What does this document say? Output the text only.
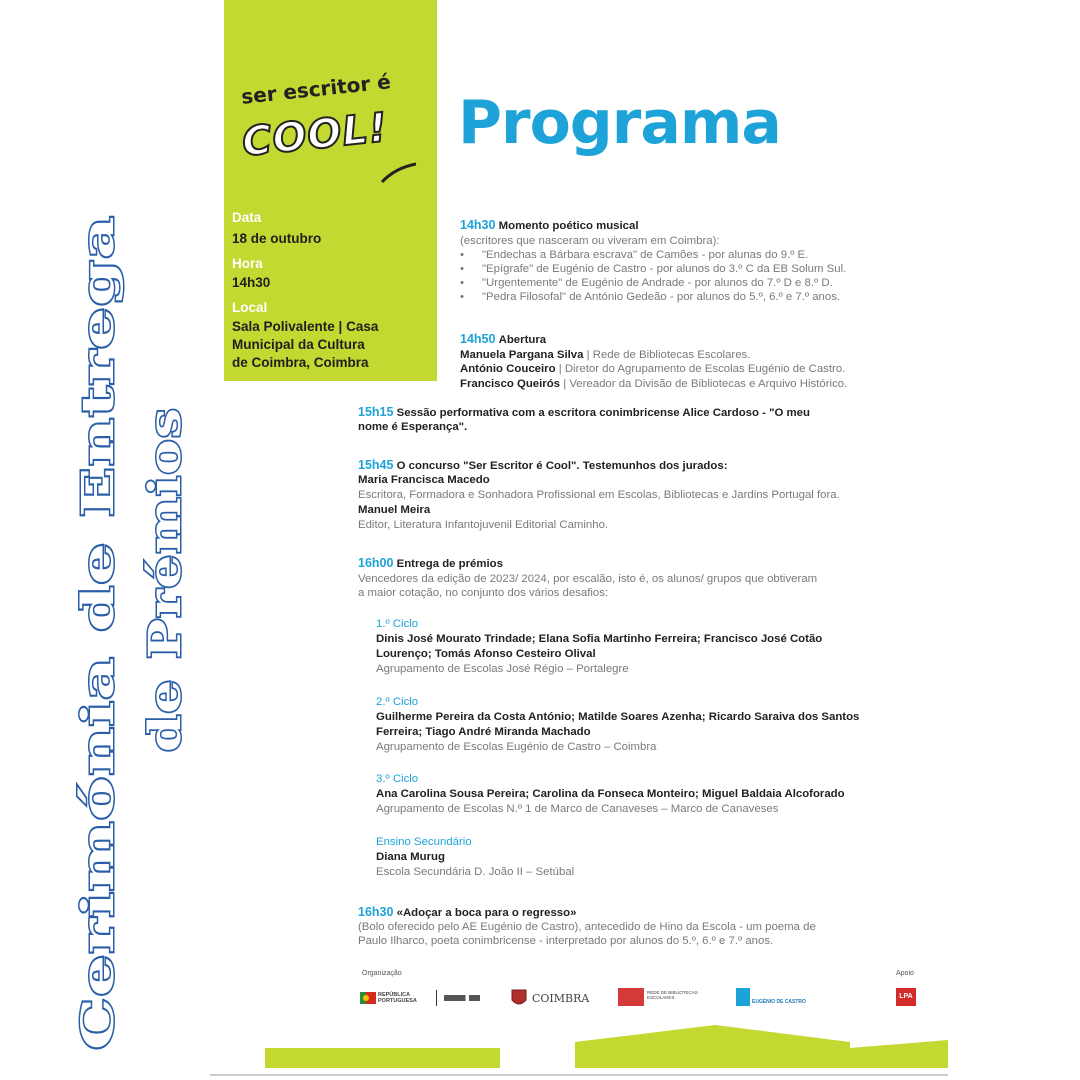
Cerimónia de Entrega de Prémios
ser escritor é
COOL!
Data
18 de outubro
Hora
14h30
Local
Sala Polivalente | Casa
Municipal da Cultura
de Coimbra, Coimbra
Programa
14h30 Momento poético musical
(escritores que nasceram ou viveram em Coimbra):
• "Endechas a Bárbara escrava" de Camões - por alunas do 9.º E.
• "Epígrafe" de Eugénio de Castro - por alunos do 3.º C da EB Solum Sul.
• "Urgentemente" de Eugénio de Andrade - por alunos do 7.º D e 8.º D.
• "Pedra Filosofal" de António Gedeão - por alunos do 5.º, 6.º e 7.º anos.
14h50 Abertura
Manuela Pargana Silva | Rede de Bibliotecas Escolares.
António Couceiro | Diretor do Agrupamento de Escolas Eugénio de Castro.
Francisco Queirós | Vereador da Divisão de Bibliotecas e Arquivo Histórico.
15h15 Sessão performativa com a escritora conimbricense Alice Cardoso - "O meu
nome é Esperança".
15h45 O concurso "Ser Escritor é Cool". Testemunhos dos jurados:
Maria Francisca Macedo
Escritora, Formadora e Sonhadora Profissional em Escolas, Bibliotecas e Jardins Portugal fora.
Manuel Meira
Editor, Literatura Infantojuvenil Editorial Caminho.
16h00 Entrega de prémios
Vencedores da edição de 2023/ 2024, por escalão, isto é, os alunos/ grupos que obtiveram
a maior cotação, no conjunto dos vários desafios:
1.º Ciclo
Dinis José Mourato Trindade; Elana Sofia Martinho Ferreira; Francisco José Cotão
Lourenço; Tomás Afonso Cesteiro Olival
Agrupamento de Escolas José Régio – Portalegre
2.º Ciclo
Guilherme Pereira da Costa António; Matilde Soares Azenha; Ricardo Saraiva dos Santos
Ferreira; Tiago André Miranda Machado
Agrupamento de Escolas Eugénio de Castro – Coimbra
3.º Ciclo
Ana Carolina Sousa Pereira; Carolina da Fonseca Monteiro; Miguel Baldaia Alcoforado
Agrupamento de Escolas N.º 1 de Marco de Canaveses – Marco de Canaveses
Ensino Secundário
Diana Murug
Escola Secundária D. João II – Setúbal
16h30 «Adoçar a boca para o regresso»
(Bolo oferecido pelo AE Eugénio de Castro), antecedido de Hino da Escola - um poema de
Paulo Ilharco, poeta conimbricense - interpretado por alunos do 5.º, 6.º e 7.º anos.
Organização	Apoio
REPÚBLICA PORTUGUESA	COIMBRA	REDE DE BIBLIOTECAS ESCOLARES
EUGÉNIO DE CASTRO
LPA
